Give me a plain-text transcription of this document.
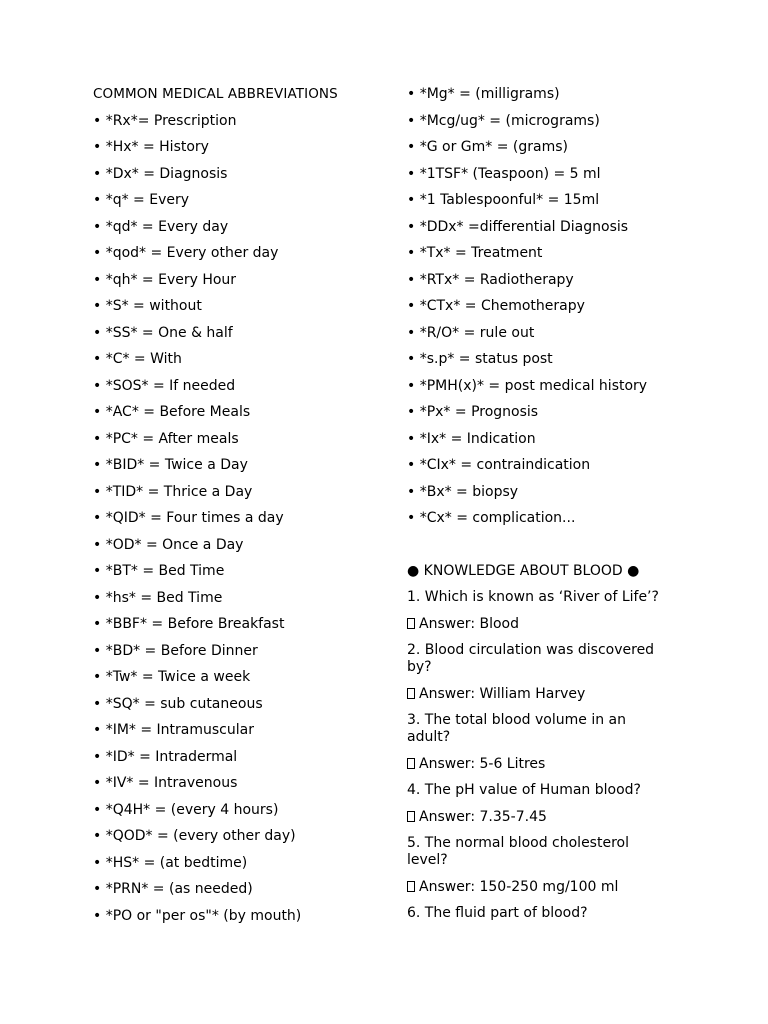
COMMON MEDICAL ABBREVIATIONS
• *Rx*= Prescription
• *Hx* = History
• *Dx* = Diagnosis
• *q* = Every
• *qd* = Every day
• *qod* = Every other day
• *qh* = Every Hour
• *S* = without
• *SS* = One & half
• *C* = With
• *SOS* = If needed
• *AC* = Before Meals
• *PC* = After meals
• *BID* = Twice a Day
• *TID* = Thrice a Day
• *QID* = Four times a day
• *OD* = Once a Day
• *BT* = Bed Time
• *hs* = Bed Time
• *BBF* = Before Breakfast
• *BD* = Before Dinner
• *Tw* = Twice a week
• *SQ* = sub cutaneous
• *IM* = Intramuscular
• *ID* = Intradermal
• *IV* = Intravenous
• *Q4H* = (every 4 hours)
• *QOD* = (every other day)
• *HS* = (at bedtime)
• *PRN* = (as needed)
• *PO or "per os"* (by mouth)
• *Mg* = (milligrams)
• *Mcg/ug* = (micrograms)
• *G or Gm* = (grams)
• *1TSF* (Teaspoon) = 5 ml
• *1 Tablespoonful* = 15ml
• *DDx* =differential Diagnosis
• *Tx* = Treatment
• *RTx* = Radiotherapy
• *CTx* = Chemotherapy
• *R/O* = rule out
• *s.p* = status post
• *PMH(x)* = post medical history
• *Px* = Prognosis
• *Ix* = Indication
• *CIx* = contraindication
• *Bx* = biopsy
• *Cx* = complication...
● KNOWLEDGE ABOUT BLOOD ●
1. Which is known as ‘River of Life’?
Answer: Blood
2. Blood circulation was discovered by?
Answer: William Harvey
3. The total blood volume in an adult?
Answer: 5-6 Litres
4. The pH value of Human blood?
Answer: 7.35-7.45
5. The normal blood cholesterol level?
Answer: 150-250 mg/100 ml
6. The fluid part of blood?
